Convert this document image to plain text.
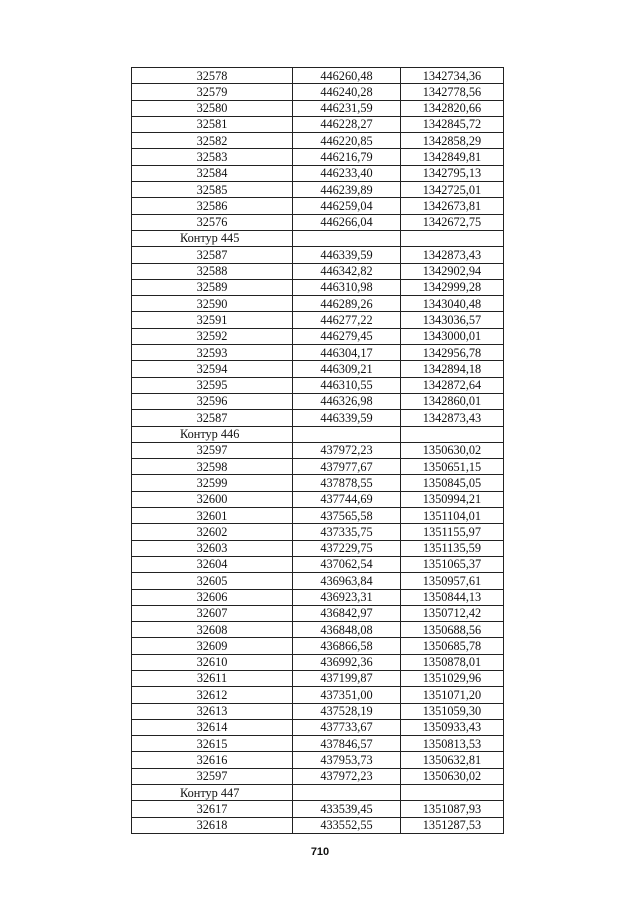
32578	446260,48	1342734,36
32579	446240,28	1342778,56
32580	446231,59	1342820,66
32581	446228,27	1342845,72
32582	446220,85	1342858,29
32583	446216,79	1342849,81
32584	446233,40	1342795,13
32585	446239,89	1342725,01
32586	446259,04	1342673,81
32576	446266,04	1342672,75
Контур 445		
32587	446339,59	1342873,43
32588	446342,82	1342902,94
32589	446310,98	1342999,28
32590	446289,26	1343040,48
32591	446277,22	1343036,57
32592	446279,45	1343000,01
32593	446304,17	1342956,78
32594	446309,21	1342894,18
32595	446310,55	1342872,64
32596	446326,98	1342860,01
32587	446339,59	1342873,43
Контур 446		
32597	437972,23	1350630,02
32598	437977,67	1350651,15
32599	437878,55	1350845,05
32600	437744,69	1350994,21
32601	437565,58	1351104,01
32602	437335,75	1351155,97
32603	437229,75	1351135,59
32604	437062,54	1351065,37
32605	436963,84	1350957,61
32606	436923,31	1350844,13
32607	436842,97	1350712,42
32608	436848,08	1350688,56
32609	436866,58	1350685,78
32610	436992,36	1350878,01
32611	437199,87	1351029,96
32612	437351,00	1351071,20
32613	437528,19	1351059,30
32614	437733,67	1350933,43
32615	437846,57	1350813,53
32616	437953,73	1350632,81
32597	437972,23	1350630,02
Контур 447		
32617	433539,45	1351087,93
32618	433552,55	1351287,53
710
